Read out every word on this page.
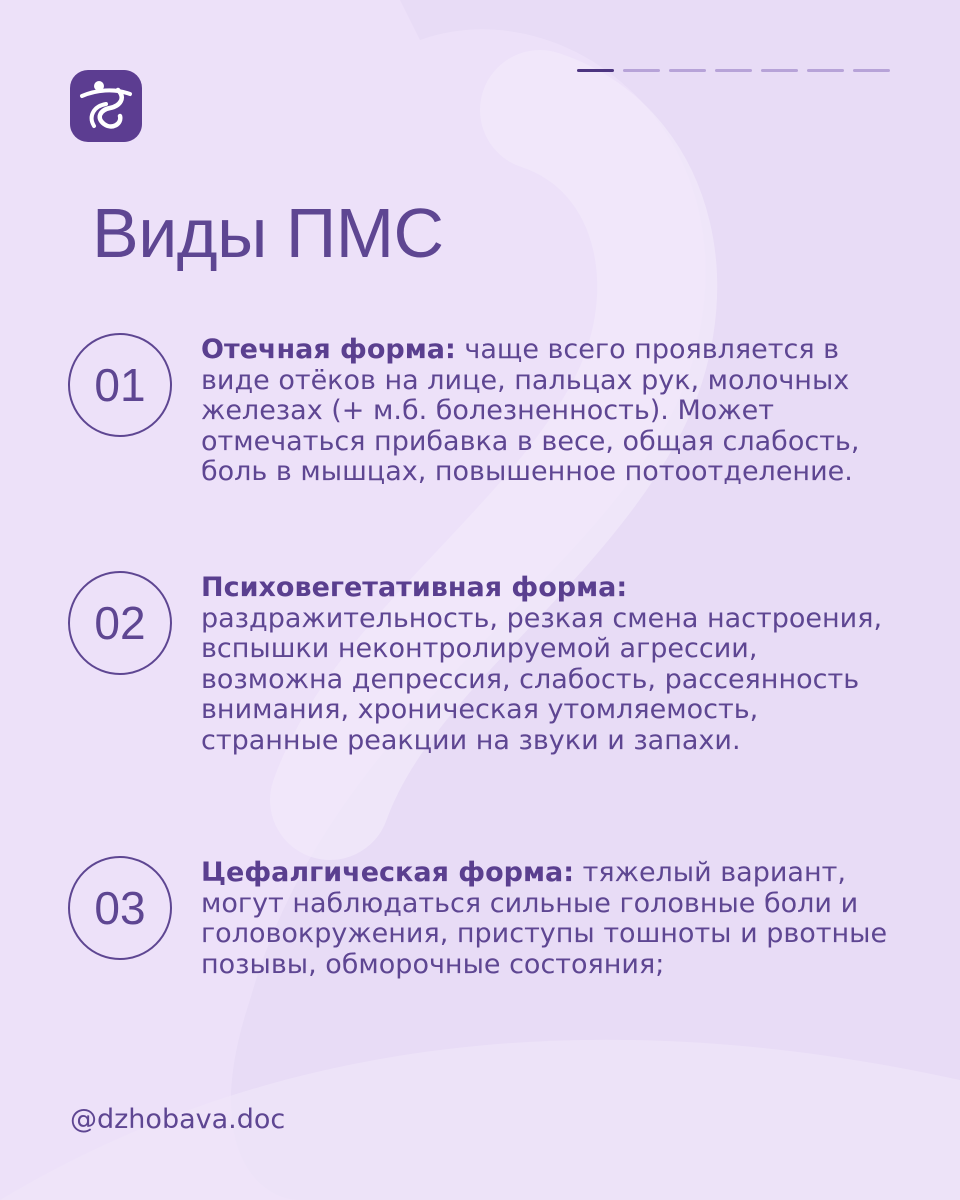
Виды ПМС
01

Отечная форма: чаще всего проявляется в виде отёков на лице, пальцах рук, молочных железах (+ м.б. болезненность). Может отмечаться прибавка в весе, общая слабость, боль в мышцах, повышенное потоотделение.

02

Психовегетативная форма: раздражительность, резкая смена настроения, вспышки неконтролируемой агрессии, возможна депрессия, слабость, рассеянность внимания, хроническая утомляемость, странные реакции на звуки и запахи.

03

Цефалгическая форма: тяжелый вариант, могут наблюдаться сильные головные боли и головокружения, приступы тошноты и рвотные позывы, обморочные состояния;

@dzhobava.doc
